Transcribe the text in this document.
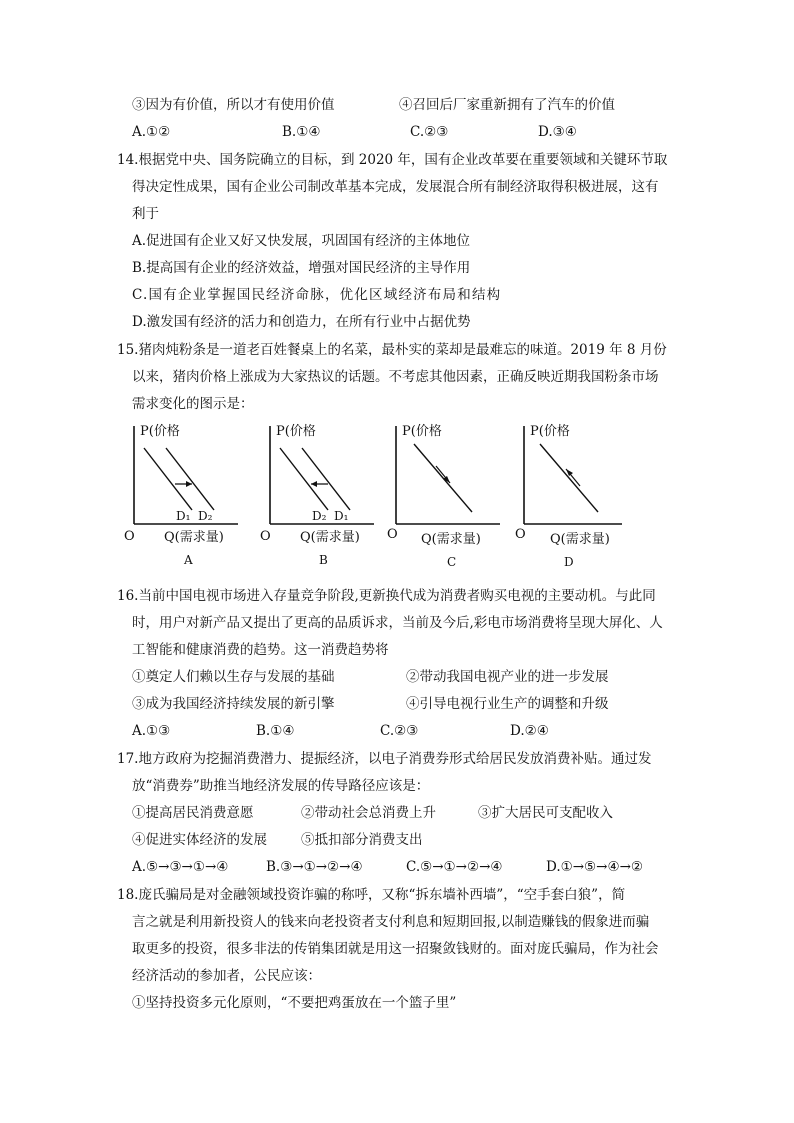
③因为有价值，所以才有使用价值	④召回后厂家重新拥有了汽车的价值
A.①②	B.①④	C.②③	D.③④
14.根据党中央、国务院确立的目标，到 2020 年，国有企业改革要在重要领域和关键环节取
得决定性成果，国有企业公司制改革基本完成，发展混合所有制经济取得积极进展，这有
利于
A.促进国有企业又好又快发展，巩固国有经济的主体地位
B.提高国有企业的经济效益，增强对国民经济的主导作用
C.国有企业掌握国民经济命脉，优化区域经济布局和结构
D.激发国有经济的活力和创造力，在所有行业中占据优势
15.猪肉炖粉条是一道老百姓餐桌上的名菜，最朴实的菜却是最难忘的味道。2019 年 8 月份
以来，猪肉价格上涨成为大家热议的话题。不考虑其他因素，正确反映近期我国粉条市场
需求变化的图示是：
P(价格
D₁ D₂
O Q(需求量)
A
P(价格
D₂ D₁
O Q(需求量)
B
P(价格
O Q(需求量)
C
P(价格
O Q(需求量)
D
16.当前中国电视市场进入存量竞争阶段,更新换代成为消费者购买电视的主要动机。与此同
时，用户对新产品又提出了更高的品质诉求，当前及今后,彩电市场消费将呈现大屏化、人
工智能和健康消费的趋势。这一消费趋势将
①奠定人们赖以生存与发展的基础	②带动我国电视产业的进一步发展
③成为我国经济持续发展的新引擎	④引导电视行业生产的调整和升级
A.①③	B.①④	C.②③	D.②④
17.地方政府为挖掘消费潜力、提振经济，以电子消费券形式给居民发放消费补贴。通过发
放“消费券”助推当地经济发展的传导路径应该是：
①提高居民消费意愿	②带动社会总消费上升	③扩大居民可支配收入
④促进实体经济的发展	⑤抵扣部分消费支出
A.⑤→③→①→④	B.③→①→②→④	C.⑤→①→②→④	D.①→⑤→④→②
18.庞氏骗局是对金融领域投资诈骗的称呼，又称“拆东墙补西墙”，“空手套白狼”，简
言之就是利用新投资人的钱来向老投资者支付利息和短期回报,以制造赚钱的假象进而骗
取更多的投资，很多非法的传销集团就是用这一招聚敛钱财的。面对庞氏骗局，作为社会
经济活动的参加者，公民应该：
①坚持投资多元化原则，“不要把鸡蛋放在一个篮子里”
